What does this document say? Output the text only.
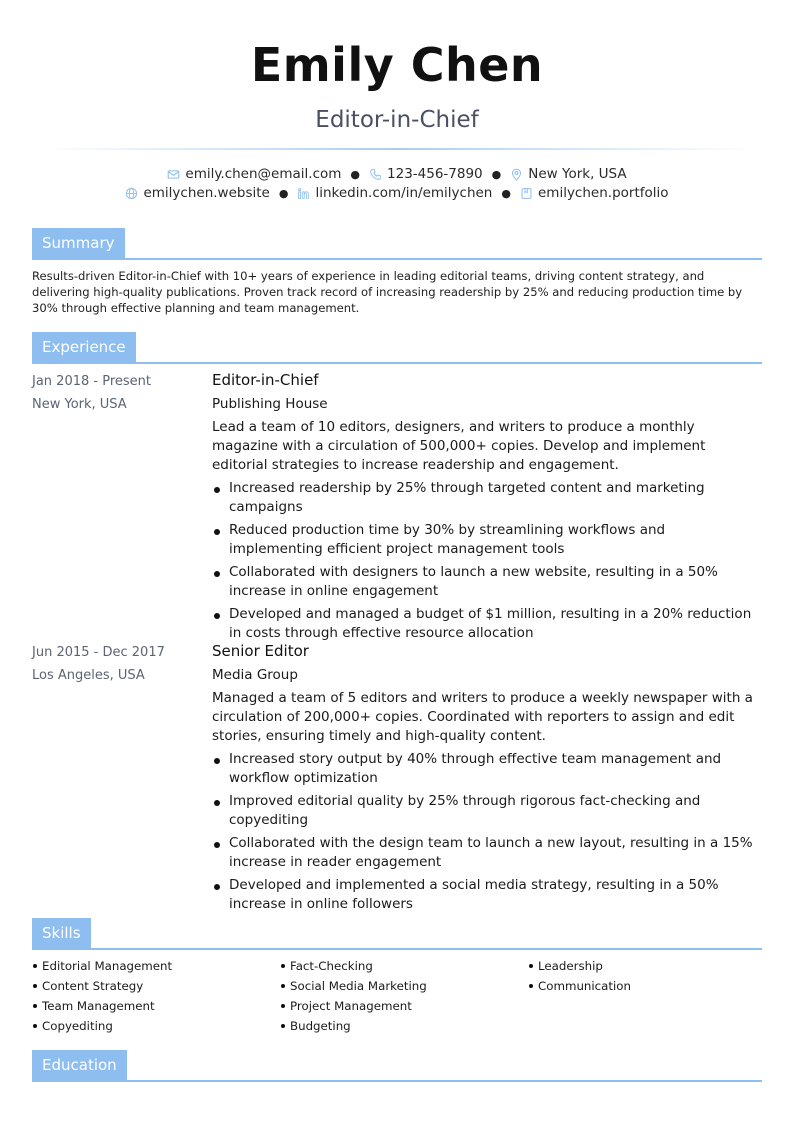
Emily Chen
Editor-in-Chief
emily.chen@email.com ● 123-456-7890 ● New York, USA
emilychen.website ● linkedin.com/in/emilychen ● emilychen.portfolio
Summary
Results-driven Editor-in-Chief with 10+ years of experience in leading editorial teams, driving content strategy, and delivering high-quality publications. Proven track record of increasing readership by 25% and reducing production time by 30% through effective planning and team management.
Experience
Jan 2018 - Present
New York, USA
Editor-in-Chief
Publishing House
Lead a team of 10 editors, designers, and writers to produce a monthly magazine with a circulation of 500,000+ copies. Develop and implement editorial strategies to increase readership and engagement.
Increased readership by 25% through targeted content and marketing campaigns
Reduced production time by 30% by streamlining workflows and implementing efficient project management tools
Collaborated with designers to launch a new website, resulting in a 50% increase in online engagement
Developed and managed a budget of $1 million, resulting in a 20% reduction in costs through effective resource allocation
Jun 2015 - Dec 2017
Los Angeles, USA
Senior Editor
Media Group
Managed a team of 5 editors and writers to produce a weekly newspaper with a circulation of 200,000+ copies. Coordinated with reporters to assign and edit stories, ensuring timely and high-quality content.
Increased story output by 40% through effective team management and workflow optimization
Improved editorial quality by 25% through rigorous fact-checking and copyediting
Collaborated with the design team to launch a new layout, resulting in a 15% increase in reader engagement
Developed and implemented a social media strategy, resulting in a 50% increase in online followers
Skills
Editorial Management	Fact-Checking	Leadership
Content Strategy	Social Media Marketing	Communication
Team Management	Project Management
Copyediting	Budgeting
Education
